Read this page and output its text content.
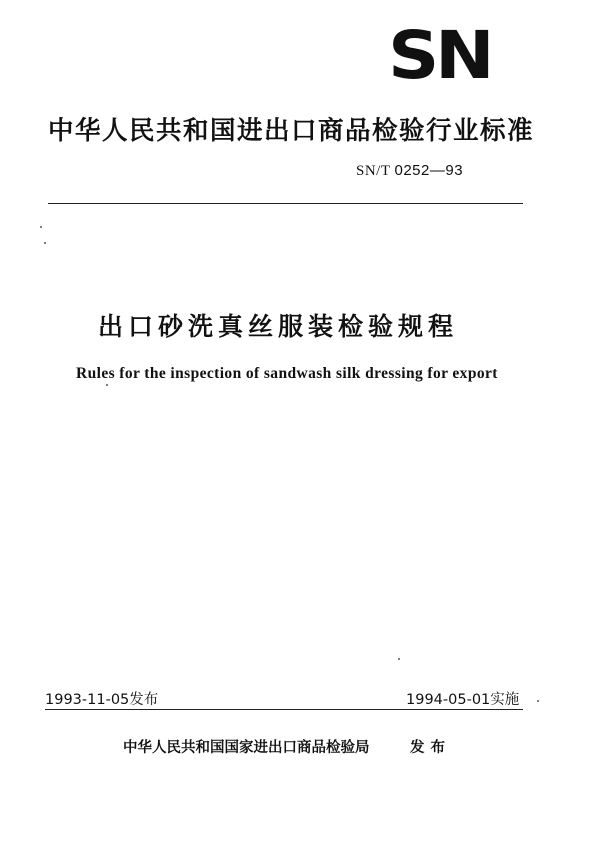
SN
中华人民共和国进出口商品检验行业标准
SN/T 0252—93
出口砂洗真丝服装检验规程
Rules for the inspection of sandwash silk dressing for export
1993-11-05发布	1994-05-01实施
中华人民共和国国家进出口商品检验局	发布
